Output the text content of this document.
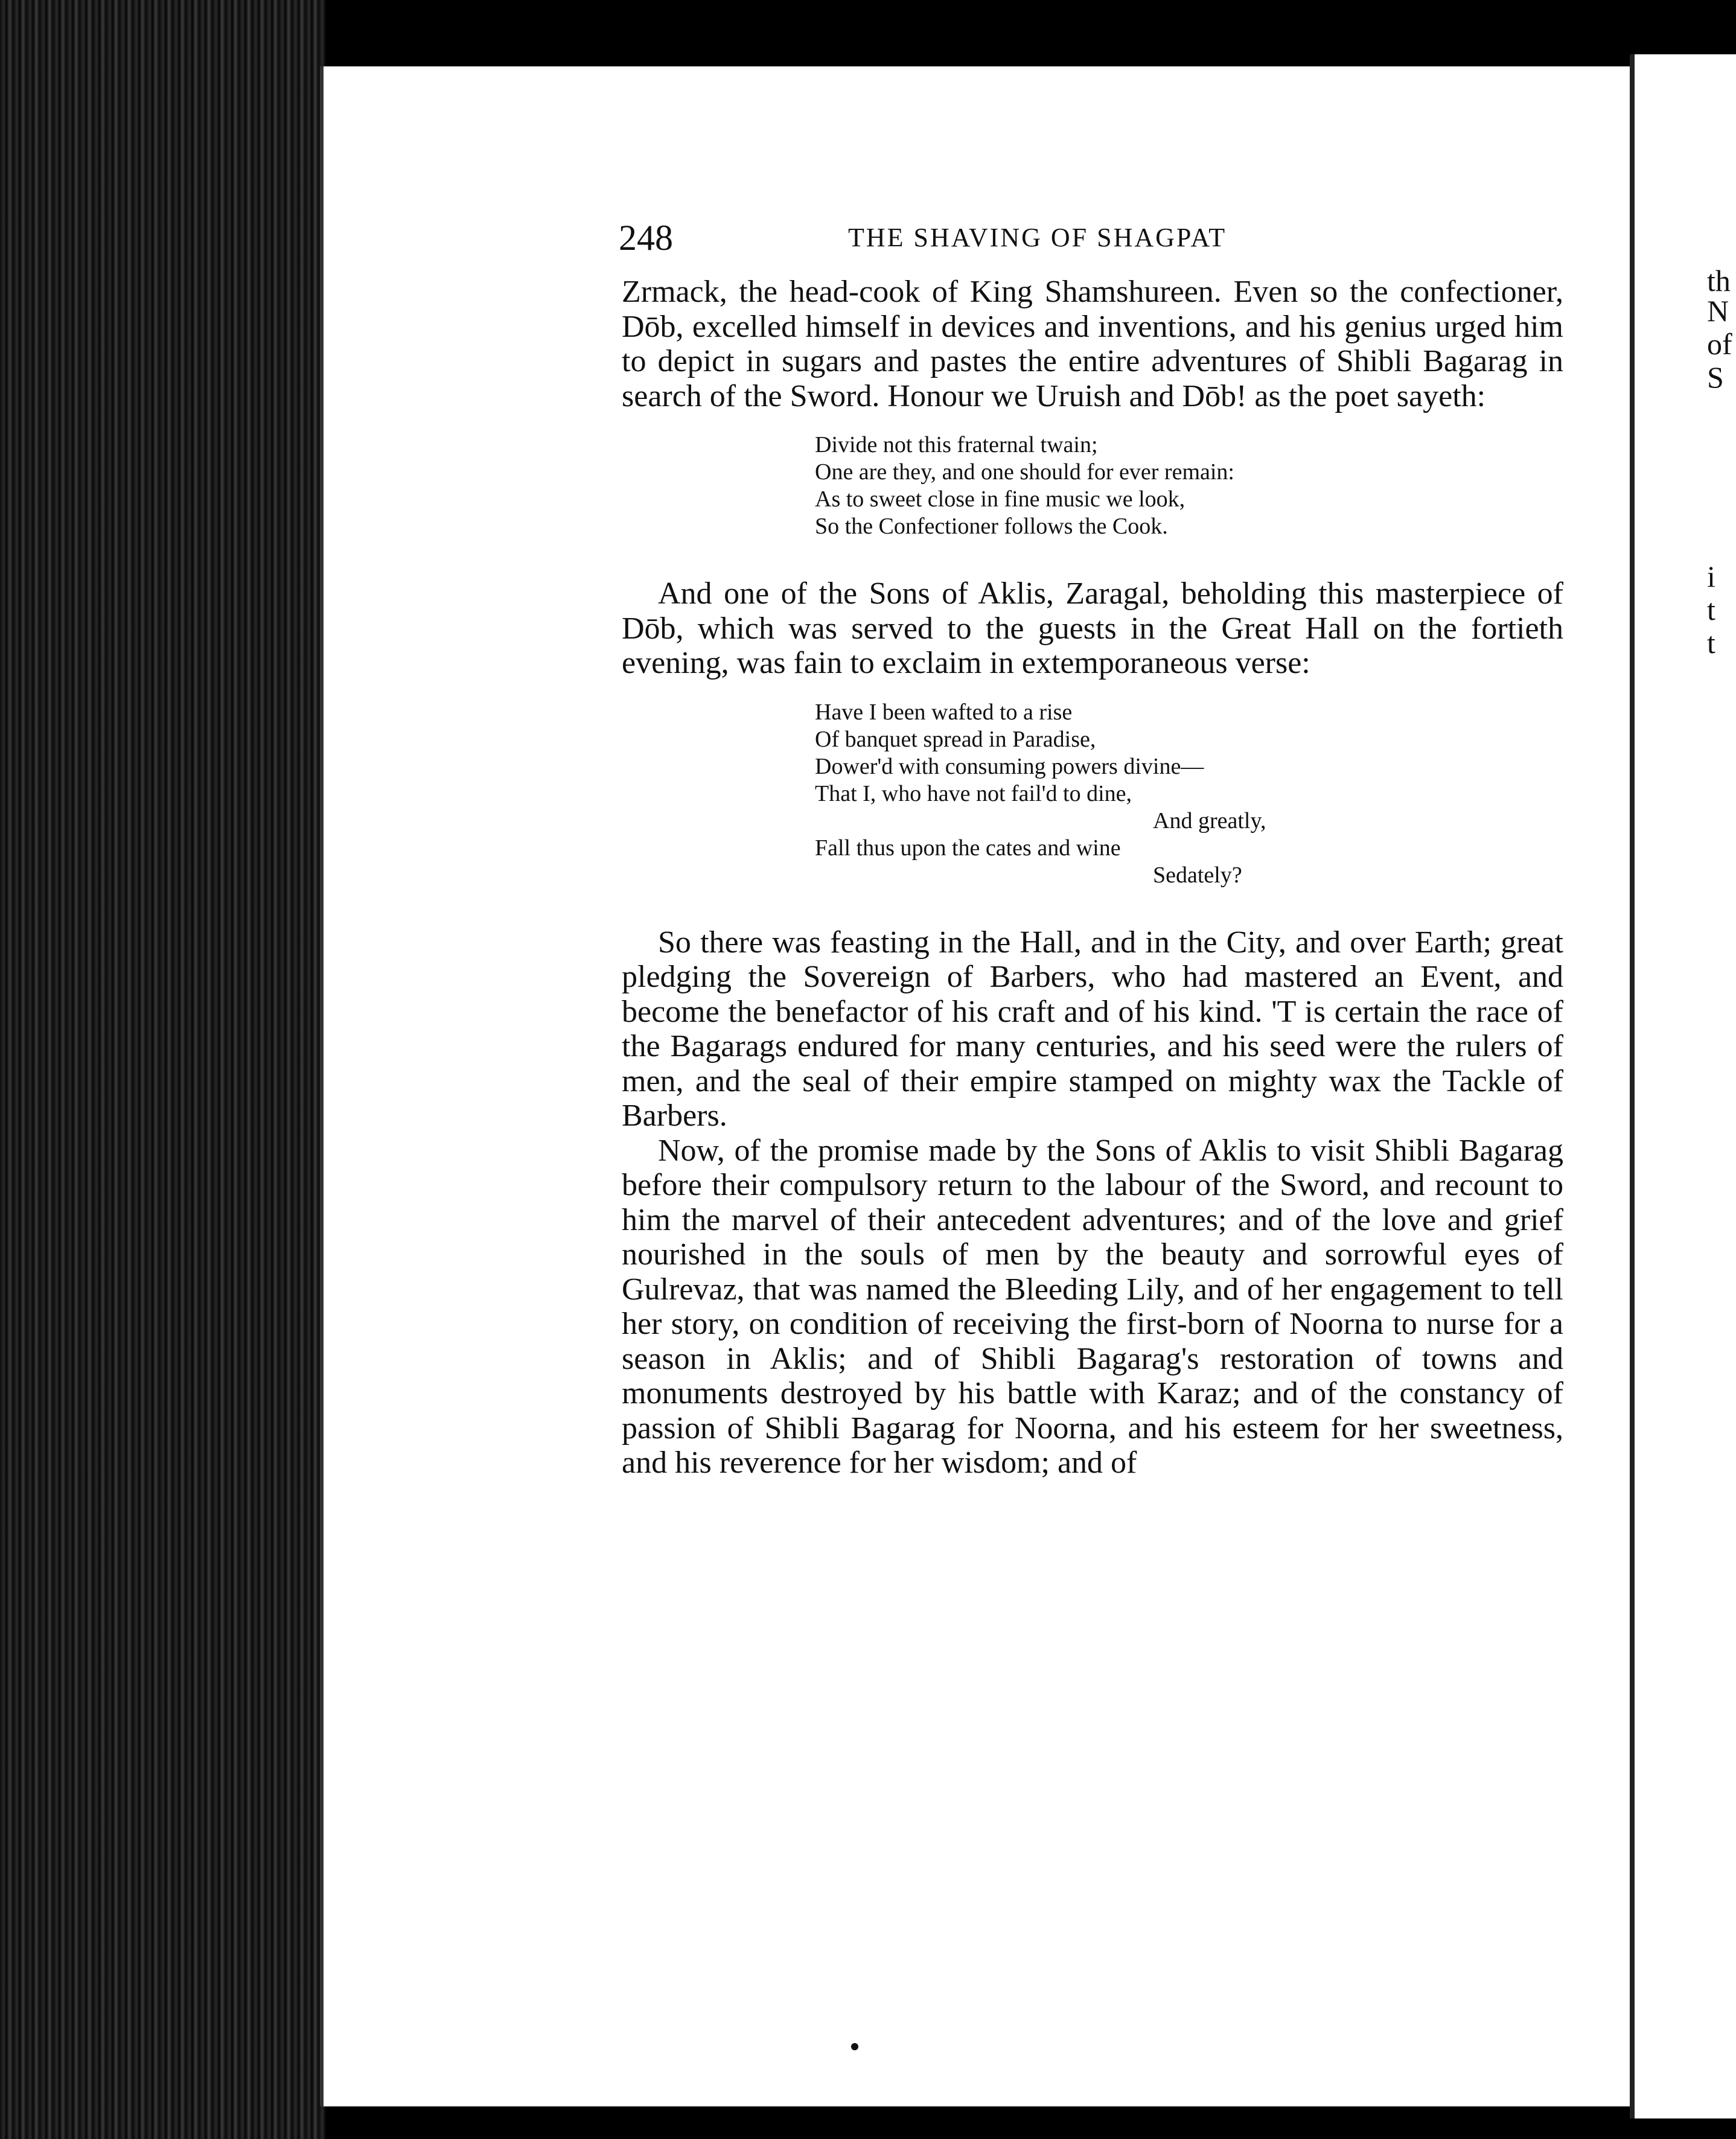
th
N
of
S
i
t
t
248	THE SHAVING OF SHAGPAT

Zrmack, the head-cook of King Shamshureen. Even so the confectioner, Dōb, excelled himself in devices and inventions, and his genius urged him to depict in sugars and pastes the entire adventures of Shibli Bagarag in search of the Sword. Honour we Uruish and Dōb! as the poet sayeth:

Divide not this fraternal twain;
One are they, and one should for ever remain:
As to sweet close in fine music we look,
So the Confectioner follows the Cook.

And one of the Sons of Aklis, Zaragal, beholding this masterpiece of Dōb, which was served to the guests in the Great Hall on the fortieth evening, was fain to exclaim in extemporaneous verse:

Have I been wafted to a rise
Of banquet spread in Paradise,
Dower'd with consuming powers divine—
That I, who have not fail'd to dine,
And greatly,
Fall thus upon the cates and wine
Sedately?

So there was feasting in the Hall, and in the City, and over Earth; great pledging the Sovereign of Barbers, who had mastered an Event, and become the benefactor of his craft and of his kind. 'T is certain the race of the Bagarags endured for many centuries, and his seed were the rulers of men, and the seal of their empire stamped on mighty wax the Tackle of Barbers.

Now, of the promise made by the Sons of Aklis to visit Shibli Bagarag before their compulsory return to the labour of the Sword, and recount to him the marvel of their antecedent adventures; and of the love and grief nourished in the souls of men by the beauty and sorrowful eyes of Gulrevaz, that was named the Bleeding Lily, and of her engagement to tell her story, on condition of receiving the first-born of Noorna to nurse for a season in Aklis; and of Shibli Bagarag's restoration of towns and monuments destroyed by his battle with Karaz; and of the constancy of passion of Shibli Bagarag for Noorna, and his esteem for her sweetness, and his reverence for her wisdom; and of
